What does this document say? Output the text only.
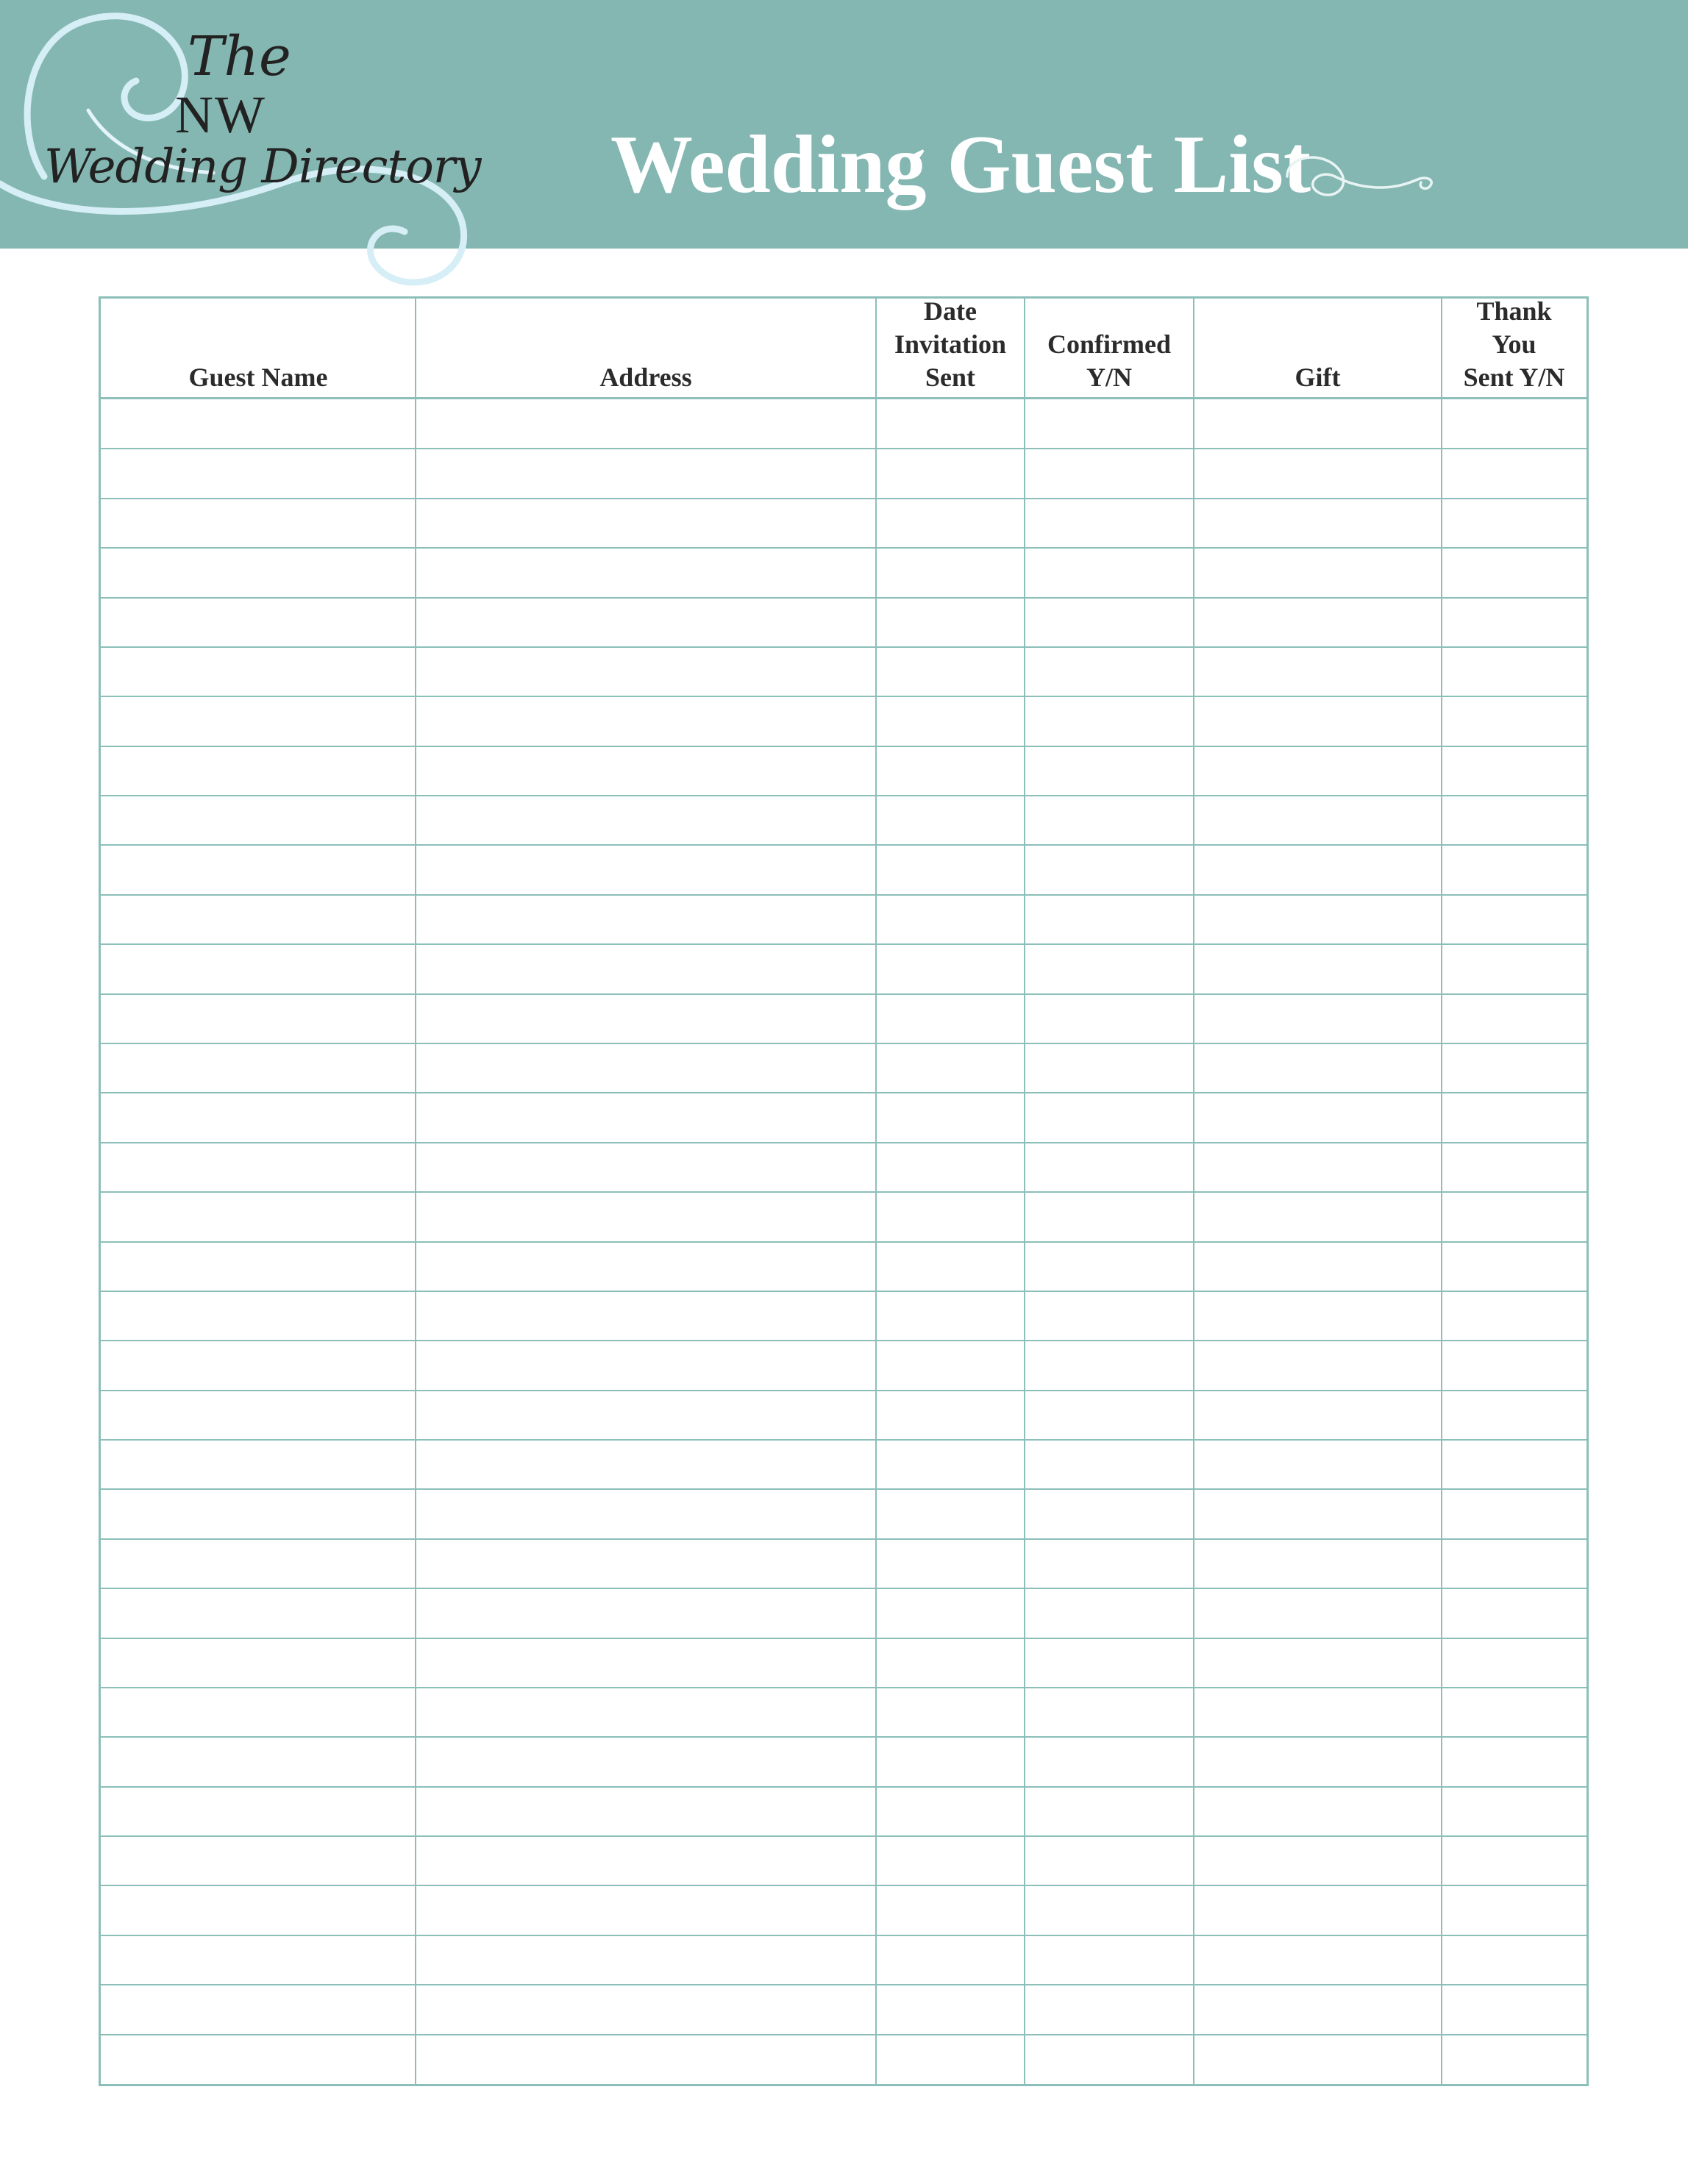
The
NW
Wedding Directory Wedding Guest List
Guest Name	Address
Date
Invitation
Sent
Confirmed
Y/N	Gift
Thank
You
Sent Y/N
